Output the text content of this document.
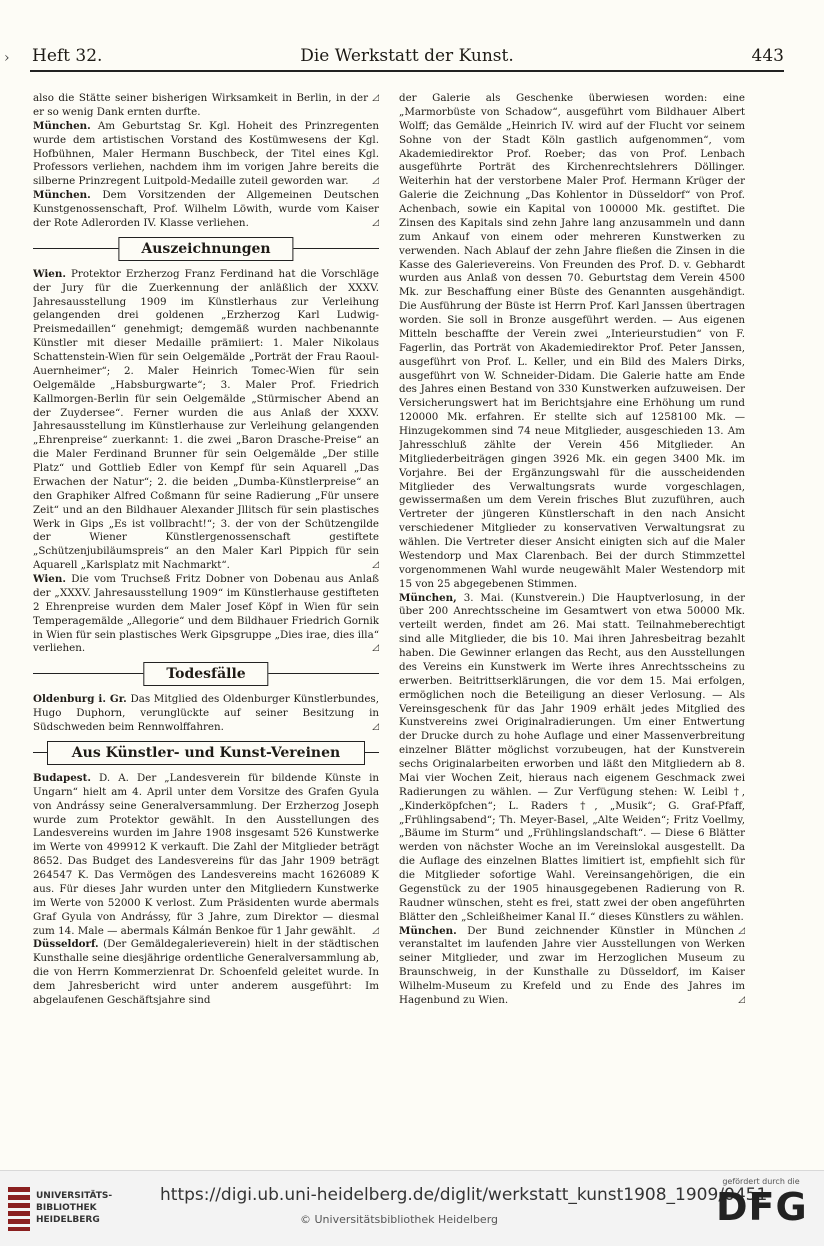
› Heft 32.	Die Werkstatt der Kunst.	443

◿
also die Stätte seiner bisherigen Wirksamkeit in Berlin, in der er so wenig Dank ernten durfte.

München. Am Geburtstag Sr. Kgl. Hoheit des Prinzregenten wurde dem artistischen Vorstand des Kostümwesens der Kgl. Hofbühnen, Maler Hermann Buschbeck, der Titel eines Kgl. Professors verliehen, nachdem ihm im vorigen Jahre bereits die silberne Prinzregent Luitpold-Medaille zuteil geworden war.	◿

München. Dem Vorsitzenden der Allgemeinen Deutschen Kunstgenossenschaft, Prof. Wilhelm Löwith, wurde vom Kaiser der Rote Adlerorden IV. Klasse verliehen.	◿

Auszeichnungen

Wien. Protektor Erzherzog Franz Ferdinand hat die Vorschläge der Jury für die Zuerkennung der anläßlich der XXXV. Jahresausstellung 1909 im Künstlerhaus zur Verleihung gelangenden drei goldenen „Erzherzog Karl Ludwig-Preismedaillen“ genehmigt; demgemäß wurden nachbenannte Künstler mit dieser Medaille prämiiert: 1. Maler Nikolaus Schattenstein-Wien für sein Oelgemälde „Porträt der Frau Raoul-Auernheimer“; 2. Maler Heinrich Tomec-Wien für sein Oelgemälde „Habsburgwarte“; 3. Maler Prof. Friedrich Kallmorgen-Berlin für sein Oelgemälde „Stürmischer Abend an der Zuydersee“. Ferner wurden die aus Anlaß der XXXV. Jahresausstellung im Künstlerhause zur Verleihung gelangenden „Ehrenpreise“ zuerkannt: 1. die zwei „Baron Drasche-Preise“ an die Maler Ferdinand Brunner für sein Oelgemälde „Der stille Platz“ und Gottlieb Edler von Kempf für sein Aquarell „Das Erwachen der Natur“; 2. die beiden „Dumba-Künstlerpreise“ an den Graphiker Alfred Coßmann für seine Radierung „Für unsere Zeit“ und an den Bildhauer Alexander Jllitsch für sein plastisches Werk in Gips „Es ist vollbracht!“; 3. der von der Schützengilde der Wiener Künstlergenossenschaft gestiftete „Schützenjubiläumspreis“ an den Maler Karl Pippich für sein Aquarell „Karlsplatz mit Nachmarkt“.	◿

Wien. Die vom Truchseß Fritz Dobner von Dobenau aus Anlaß der „XXXV. Jahresausstellung 1909“ im Künstlerhause gestifteten 2 Ehrenpreise wurden dem Maler Josef Köpf in Wien für sein Temperagemälde „Allegorie“ und dem Bildhauer Friedrich Gornik in Wien für sein plastisches Werk Gipsgruppe „Dies irae, dies illa“ verliehen.	◿

Todesfälle

Oldenburg i. Gr. Das Mitglied des Oldenburger Künstlerbundes, Hugo Duphorn, verunglückte auf seiner Besitzung in Südschweden beim Rennwolffahren.	◿

Aus Künstler- und Kunst-Vereinen

Budapest. D. A. Der „Landesverein für bildende Künste in Ungarn“ hielt am 4. April unter dem Vorsitze des Grafen Gyula von Andrássy seine Generalversammlung. Der Erzherzog Joseph wurde zum Protektor gewählt. In den Ausstellungen des Landesvereins wurden im Jahre 1908 insgesamt 526 Kunstwerke im Werte von 499912 K verkauft. Die Zahl der Mitglieder beträgt 8652. Das Budget des Landesvereins für das Jahr 1909 beträgt 264547 K. Das Vermögen des Landesvereins macht 1626089 K aus. Für dieses Jahr wurden unter den Mitgliedern Kunstwerke im Werte von 52000 K verlost. Zum Präsidenten wurde abermals Graf Gyula von Andrássy, für 3 Jahre, zum Direktor — diesmal zum 14. Male — abermals Kálmán Benkoe für 1 Jahr gewählt. ◿

Düsseldorf. (Der Gemäldegalerieverein) hielt in der städtischen Kunsthalle seine diesjährige ordentliche Generalversammlung ab, die von Herrn Kommerzienrat Dr. Schoenfeld geleitet wurde. In dem Jahresbericht wird unter anderem ausgeführt: Im abgelaufenen Geschäftsjahre sind

der Galerie als Geschenke überwiesen worden: eine „Marmorbüste von Schadow“, ausgeführt vom Bildhauer Albert Wolff; das Gemälde „Heinrich IV. wird auf der Flucht vor seinem Sohne von der Stadt Köln gastlich aufgenommen“, vom Akademiedirektor Prof. Roeber; das von Prof. Lenbach ausgeführte Porträt des Kirchenrechtslehrers Döllinger. Weiterhin hat der verstorbene Maler Prof. Hermann Krüger der Galerie die Zeichnung „Das Kohlentor in Düsseldorf“ von Prof. Achenbach, sowie ein Kapital von 100000 Mk. gestiftet. Die Zinsen des Kapitals sind zehn Jahre lang anzusammeln und dann zum Ankauf von einem oder mehreren Kunstwerken zu verwenden. Nach Ablauf der zehn Jahre fließen die Zinsen in die Kasse des Galerievereins. Von Freunden des Prof. D. v. Gebhardt wurden aus Anlaß von dessen 70. Geburtstag dem Verein 4500 Mk. zur Beschaffung einer Büste des Genannten ausgehändigt. Die Ausführung der Büste ist Herrn Prof. Karl Janssen übertragen worden. Sie soll in Bronze ausgeführt werden. — Aus eigenen Mitteln beschaffte der Verein zwei „Interieurstudien“ von F. Fagerlin, das Porträt von Akademiedirektor Prof. Peter Janssen, ausgeführt von Prof. L. Keller, und ein Bild des Malers Dirks, ausgeführt von W. Schneider-Didam. Die Galerie hatte am Ende des Jahres einen Bestand von 330 Kunstwerken aufzuweisen. Der Versicherungswert hat im Berichtsjahre eine Erhöhung um rund 120000 Mk. erfahren. Er stellte sich auf 1258100 Mk. — Hinzugekommen sind 74 neue Mitglieder, ausgeschieden 13. Am Jahresschluß zählte der Verein 456 Mitglieder. An Mitgliederbeiträgen gingen 3926 Mk. ein gegen 3400 Mk. im Vorjahre. Bei der Ergänzungswahl für die ausscheidenden Mitglieder des Verwaltungsrats wurde vorgeschlagen, gewissermaßen um dem Verein frisches Blut zuzuführen, auch Vertreter der jüngeren Künstlerschaft in den nach Ansicht verschiedener Mitglieder zu konservativen Verwaltungsrat zu wählen. Die Vertreter dieser Ansicht einigten sich auf die Maler Westendorp und Max Clarenbach. Bei der durch Stimmzettel vorgenommenen Wahl wurde neugewählt Maler Westendorp mit 15 von 25 abgegebenen Stimmen.

München, 3. Mai. (Kunstverein.) Die Hauptverlosung, in der über 200 Anrechtsscheine im Gesamtwert von etwa 50000 Mk. verteilt werden, findet am 26. Mai statt. Teilnahmeberechtigt sind alle Mitglieder, die bis 10. Mai ihren Jahresbeitrag bezahlt haben. Die Gewinner erlangen das Recht, aus den Ausstellungen des Vereins ein Kunstwerk im Werte ihres Anrechtsscheins zu erwerben. Beitrittserklärungen, die vor dem 15. Mai erfolgen, ermöglichen noch die Beteiligung an dieser Verlosung. — Als Vereinsgeschenk für das Jahr 1909 erhält jedes Mitglied des Kunstvereins zwei Originalradierungen. Um einer Entwertung der Drucke durch zu hohe Auflage und einer Massenverbreitung einzelner Blätter möglichst vorzubeugen, hat der Kunstverein sechs Originalarbeiten erworben und läßt den Mitgliedern ab 8. Mai vier Wochen Zeit, hieraus nach eigenem Geschmack zwei Radierungen zu wählen. — Zur Verfügung stehen: W. Leibl †, „Kinderköpfchen“; L. Raders †, „Musik“; G. Graf-Pfaff, „Frühlingsabend“; Th. Meyer-Basel, „Alte Weiden“; Fritz Voellmy, „Bäume im Sturm“ und „Frühlingslandschaft“. — Diese 6 Blätter werden von nächster Woche an im Vereinslokal ausgestellt. Da die Auflage des einzelnen Blattes limitiert ist, empfiehlt sich für die Mitglieder sofortige Wahl. Vereinsangehörigen, die ein Gegenstück zu der 1905 hinausgegebenen Radierung von R. Raudner wünschen, steht es frei, statt zwei der oben angeführten Blätter den „Schleißheimer Kanal II.“ dieses Künstlers zu wählen.
◿

München. Der Bund zeichnender Künstler in München veranstaltet im laufenden Jahre vier Ausstellungen von Werken seiner Mitglieder, und zwar im Herzoglichen Museum zu Braunschweig, in der Kunsthalle zu Düsseldorf, im Kaiser Wilhelm-Museum zu Krefeld und zu Ende des Jahres im Hagenbund zu Wien.	◿

UNIVERSITÄTS-
BIBLIOTHEK
HEIDELBERG
https://digi.ub.uni-heidelberg.de/diglit/werkstatt_kunst1908_1909/0451
© Universitätsbibliothek Heidelberg
gefördert durch die
DFG
